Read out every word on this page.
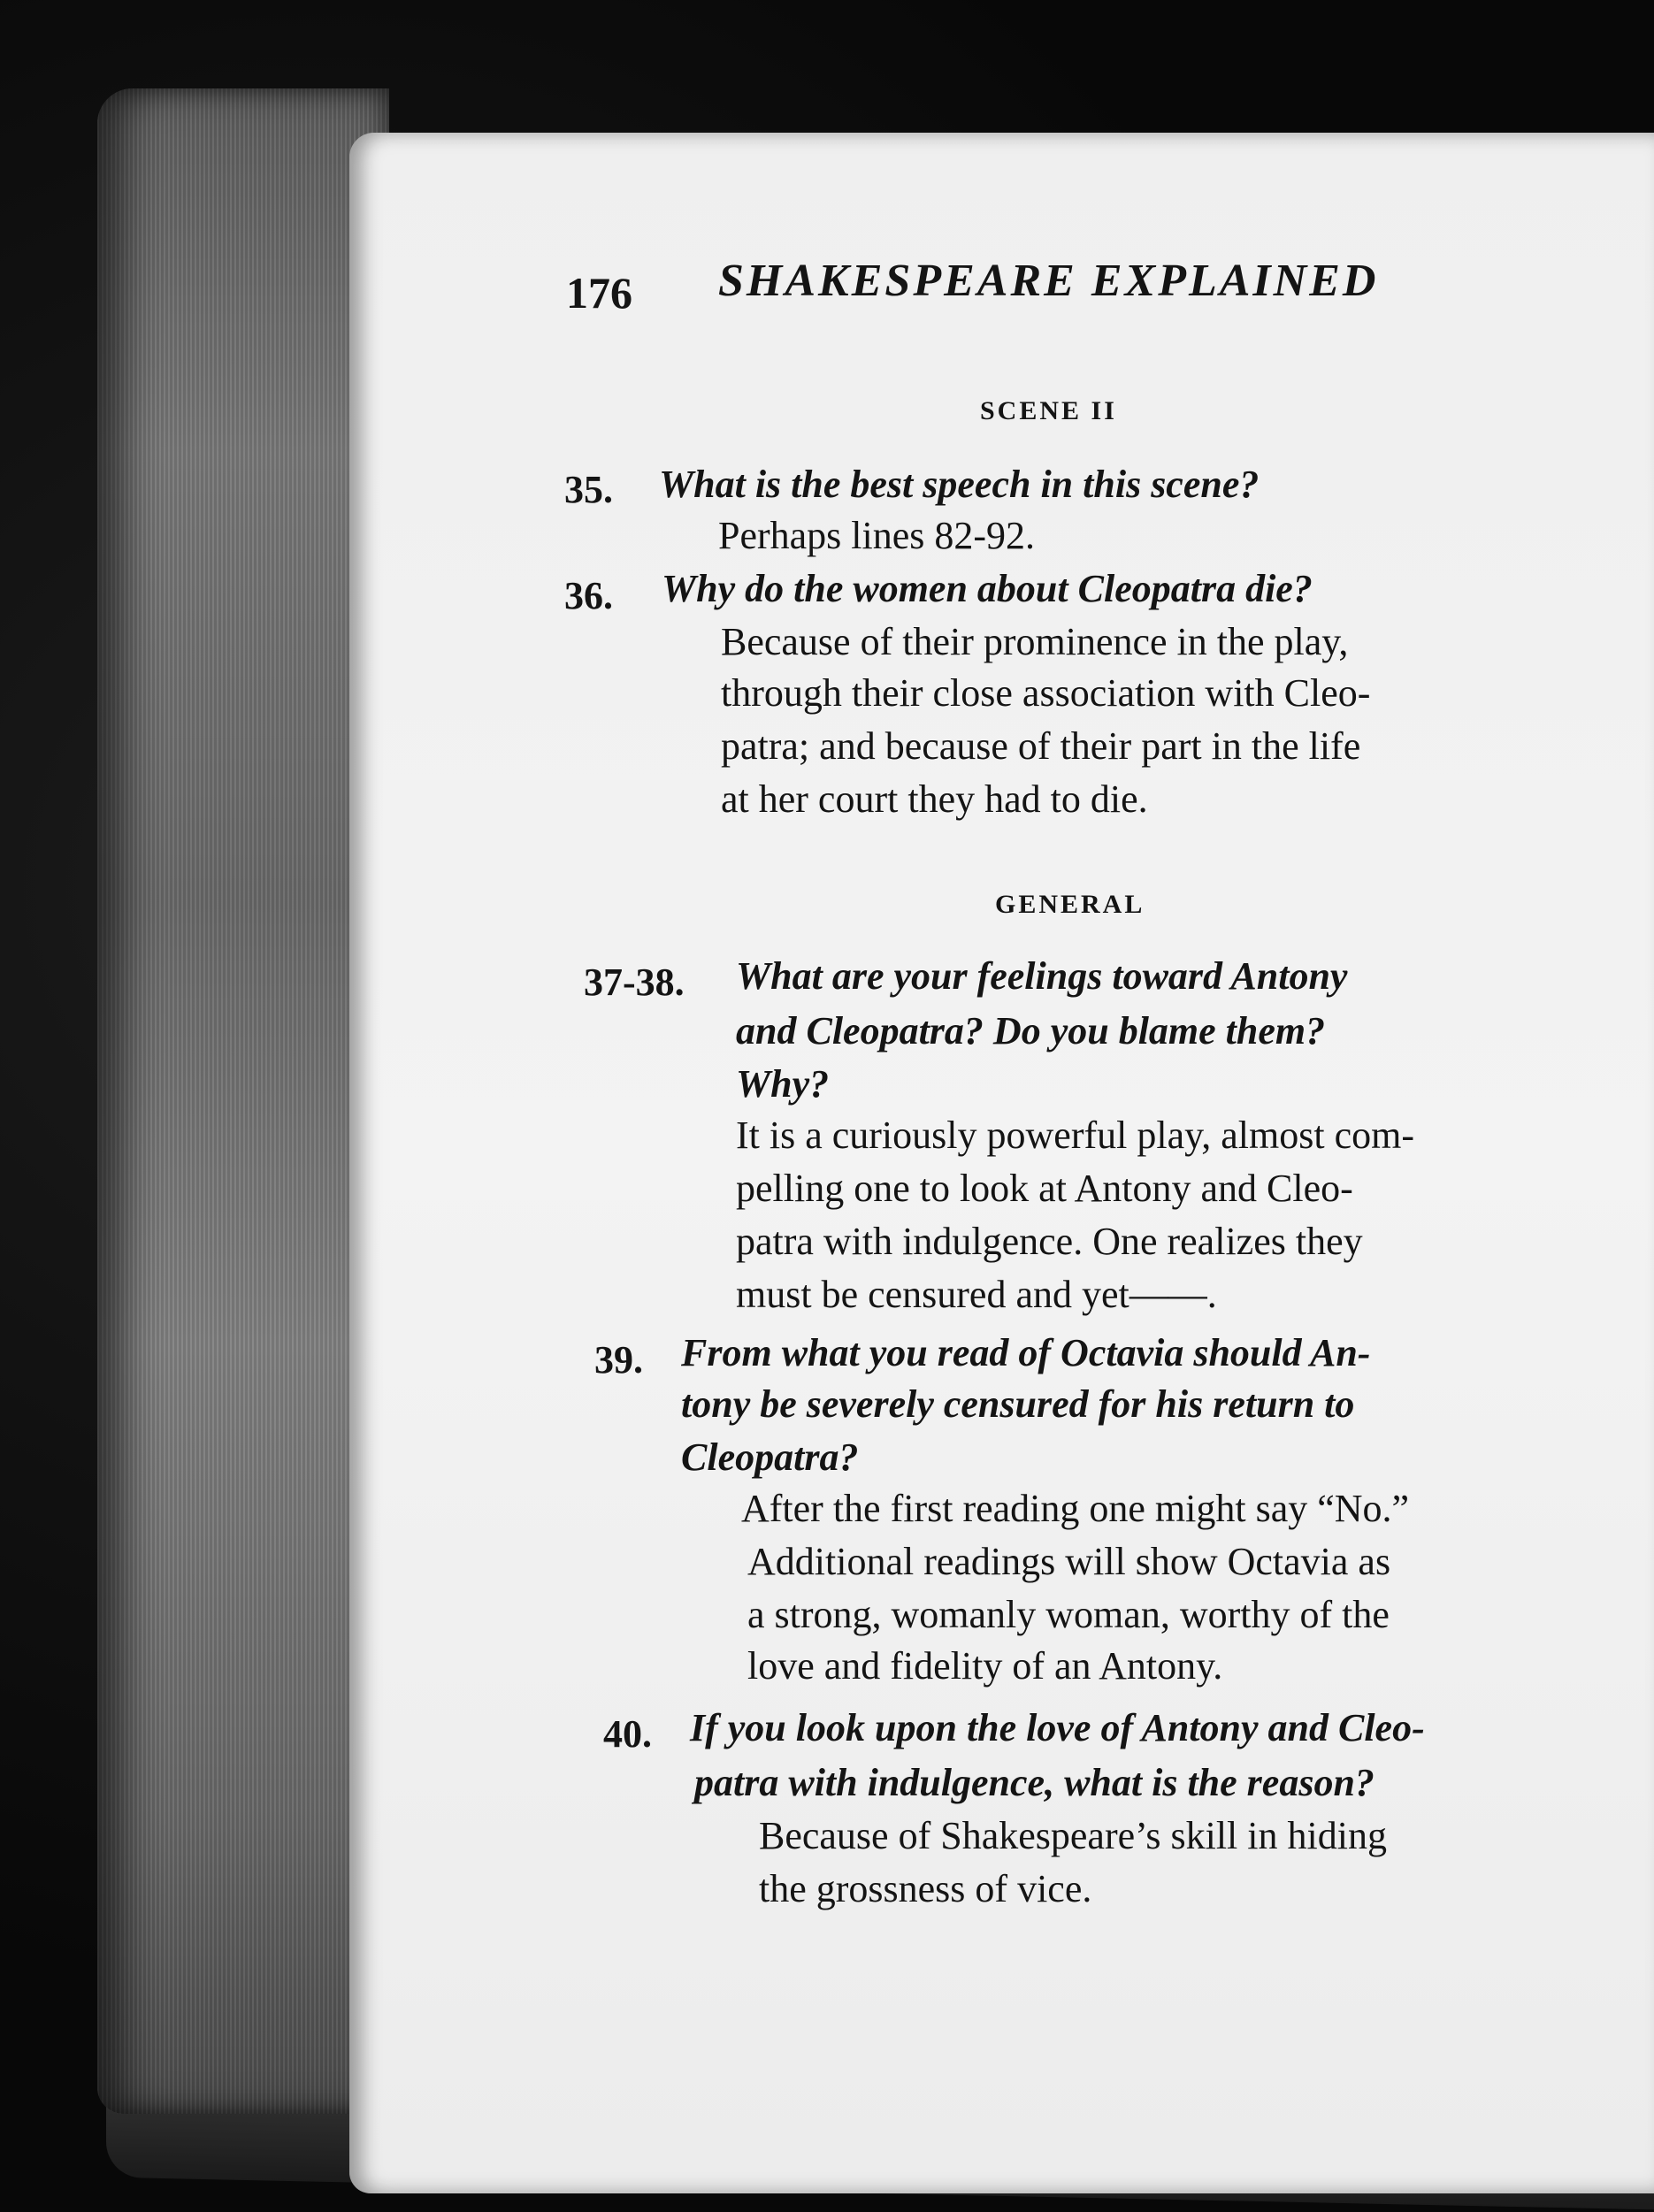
176 SHAKESPEARE EXPLAINED
SCENE II
35. What is the best speech in this scene?
Perhaps lines 82-92.
36. Why do the women about Cleopatra die?
Because of their prominence in the play,
through their close association with Cleo-
patra; and because of their part in the life
at her court they had to die.
GENERAL
37-38. What are your feelings toward Antony
and Cleopatra? Do you blame them?
Why?
It is a curiously powerful play, almost com-
pelling one to look at Antony and Cleo-
patra with indulgence. One realizes they
must be censured and yet——.
39. From what you read of Octavia should An-
tony be severely censured for his return to
Cleopatra?
After the first reading one might say “No.”
Additional readings will show Octavia as
a strong, womanly woman, worthy of the
love and fidelity of an Antony.
40. If you look upon the love of Antony and Cleo-
patra with indulgence, what is the reason?
Because of Shakespeare’s skill in hiding
the grossness of vice.
